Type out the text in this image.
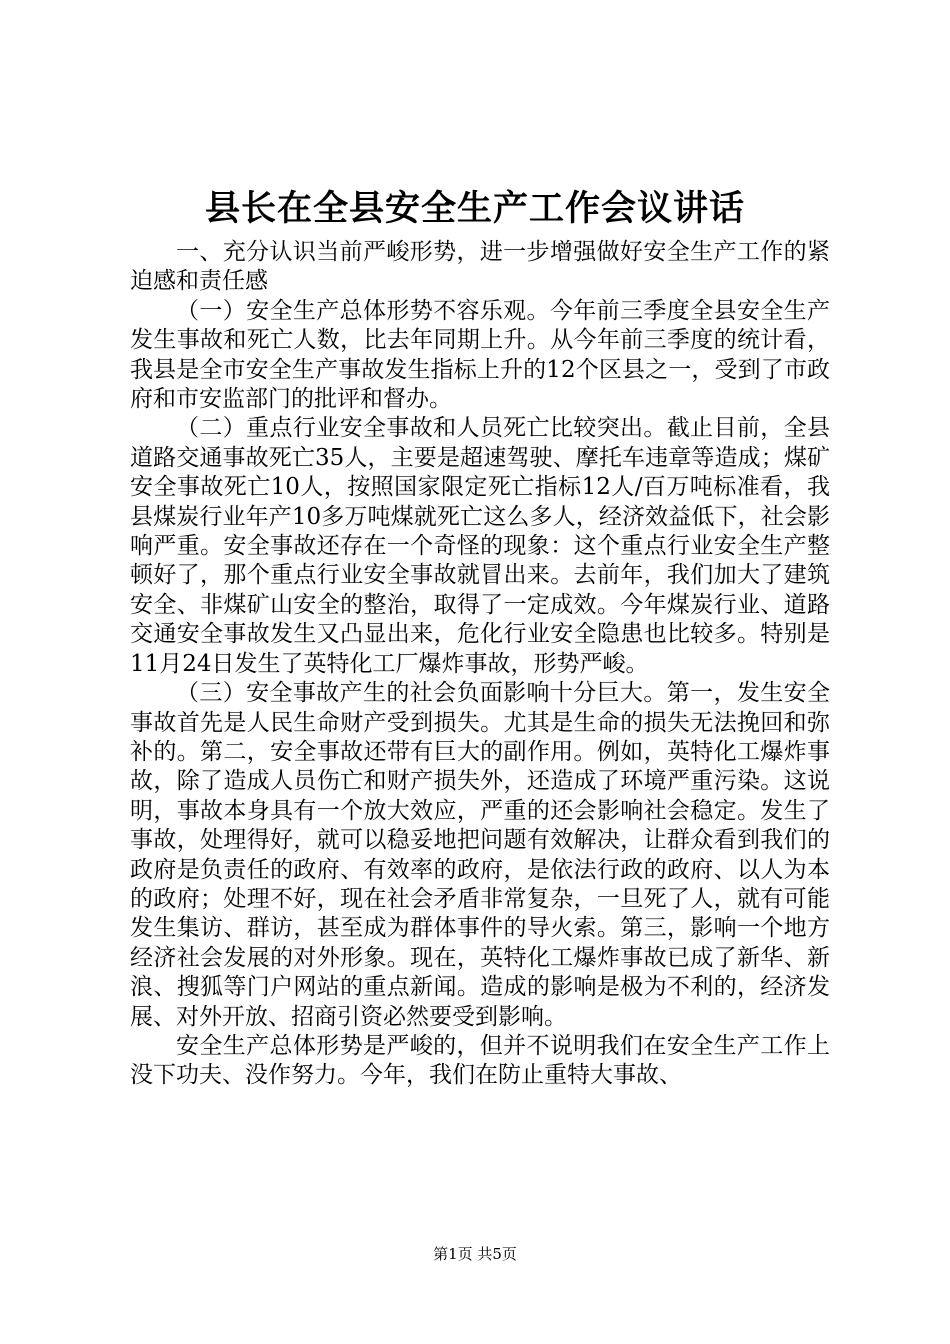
县长在全县安全生产工作会议讲话

一、充分认识当前严峻形势，进一步增强做好安全生产工作的紧迫感和责任感

（一）安全生产总体形势不容乐观。今年前三季度全县安全生产发生事故和死亡人数，比去年同期上升。从今年前三季度的统计看，我县是全市安全生产事故发生指标上升的12个区县之一，受到了市政府和市安监部门的批评和督办。

（二）重点行业安全事故和人员死亡比较突出。截止目前，全县道路交通事故死亡35人，主要是超速驾驶、摩托车违章等造成；煤矿安全事故死亡10人，按照国家限定死亡指标12人/百万吨标准看，我县煤炭行业年产10多万吨煤就死亡这么多人，经济效益低下，社会影响严重。安全事故还存在一个奇怪的现象：这个重点行业安全生产整顿好了，那个重点行业安全事故就冒出来。去前年，我们加大了建筑安全、非煤矿山安全的整治，取得了一定成效。今年煤炭行业、道路交通安全事故发生又凸显出来，危化行业安全隐患也比较多。特别是11月24日发生了英特化工厂爆炸事故，形势严峻。

（三）安全事故产生的社会负面影响十分巨大。第一，发生安全事故首先是人民生命财产受到损失。尤其是生命的损失无法挽回和弥补的。第二，安全事故还带有巨大的副作用。例如，英特化工爆炸事故，除了造成人员伤亡和财产损失外，还造成了环境严重污染。这说明，事故本身具有一个放大效应，严重的还会影响社会稳定。发生了事故，处理得好，就可以稳妥地把问题有效解决，让群众看到我们的政府是负责任的政府、有效率的政府，是依法行政的政府、以人为本的政府；处理不好，现在社会矛盾非常复杂，一旦死了人，就有可能发生集访、群访，甚至成为群体事件的导火索。第三，影响一个地方经济社会发展的对外形象。现在，英特化工爆炸事故已成了新华、新浪、搜狐等门户网站的重点新闻。造成的影响是极为不利的，经济发展、对外开放、招商引资必然要受到影响。

安全生产总体形势是严峻的，但并不说明我们在安全生产工作上没下功夫、没作努力。今年，我们在防止重特大事故、

第1页 共5页
